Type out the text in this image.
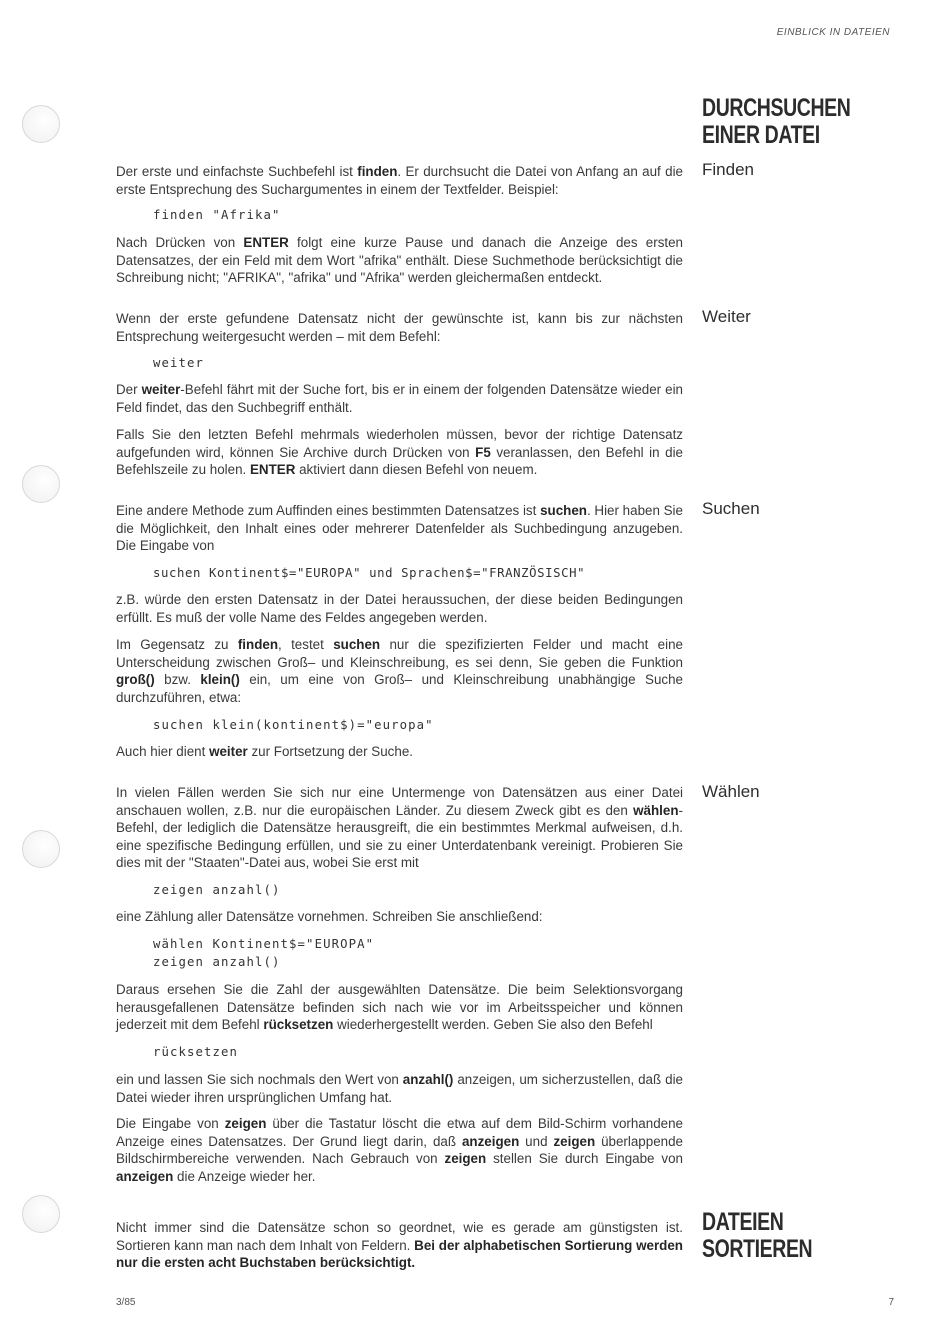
EINBLICK IN DATEIEN
DURCHSUCHEN
EINER DATEI
Finden
Weiter
Suchen
Wählen

Der erste und einfachste Suchbefehl ist finden. Er durchsucht die Datei von Anfang an auf die erste Entsprechung des Suchargumentes in einem der Textfelder. Beispiel:

finden "Afrika"

Nach Drücken von ENTER folgt eine kurze Pause und danach die Anzeige des ersten Datensatzes, der ein Feld mit dem Wort "afrika" enthält. Diese Suchmethode berücksichtigt die Schreibung nicht; "AFRIKA", "afrika" und "Afrika" werden gleichermaßen entdeckt.

Wenn der erste gefundene Datensatz nicht der gewünschte ist, kann bis zur nächsten Entsprechung weitergesucht werden – mit dem Befehl:

weiter

Der weiter-Befehl fährt mit der Suche fort, bis er in einem der folgenden Datensätze wieder ein Feld findet, das den Suchbegriff enthält.

Falls Sie den letzten Befehl mehrmals wiederholen müssen, bevor der richtige Datensatz aufgefunden wird, können Sie Archive durch Drücken von F5 veranlassen, den Befehl in die Befehlszeile zu holen. ENTER aktiviert dann diesen Befehl von neuem.

Eine andere Methode zum Auffinden eines bestimmten Datensatzes ist suchen. Hier haben Sie die Möglichkeit, den Inhalt eines oder mehrerer Datenfelder als Suchbedingung anzugeben. Die Eingabe von

suchen Kontinent$="EUROPA" und Sprachen$="FRANZÖSISCH"

z.B. würde den ersten Datensatz in der Datei heraussuchen, der diese beiden Bedingungen erfüllt. Es muß der volle Name des Feldes angegeben werden.

Im Gegensatz zu finden, testet suchen nur die spezifizierten Felder und macht eine Unterscheidung zwischen Groß– und Kleinschreibung, es sei denn, Sie geben die Funktion groß() bzw. klein() ein, um eine von Groß– und Kleinschreibung unabhängige Suche durchzuführen, etwa:

suchen klein(kontinent$)="europa"

Auch hier dient weiter zur Fortsetzung der Suche.

In vielen Fällen werden Sie sich nur eine Untermenge von Datensätzen aus einer Datei anschauen wollen, z.B. nur die europäischen Länder. Zu diesem Zweck gibt es den wählen-Befehl, der lediglich die Datensätze herausgreift, die ein bestimmtes Merkmal aufweisen, d.h. eine spezifische Bedingung erfüllen, und sie zu einer Unterdatenbank vereinigt. Probieren Sie dies mit der "Staaten"-Datei aus, wobei Sie erst mit

zeigen anzahl()

eine Zählung aller Datensätze vornehmen. Schreiben Sie anschließend:

wählen Kontinent$="EUROPA"
zeigen anzahl()

Daraus ersehen Sie die Zahl der ausgewählten Datensätze. Die beim Selektionsvorgang herausgefallenen Datensätze befinden sich nach wie vor im Arbeitsspeicher und können jederzeit mit dem Befehl rücksetzen wiederhergestellt werden. Geben Sie also den Befehl

rücksetzen

ein und lassen Sie sich nochmals den Wert von anzahl() anzeigen, um sicherzustellen, daß die Datei wieder ihren ursprünglichen Umfang hat.

Die Eingabe von zeigen über die Tastatur löscht die etwa auf dem Bild-Schirm vorhandene Anzeige eines Datensatzes. Der Grund liegt darin, daß anzeigen und zeigen überlappende Bildschirmbereiche verwenden. Nach Gebrauch von zeigen stellen Sie durch Eingabe von anzeigen die Anzeige wieder her.

DATEIEN
SORTIEREN

Nicht immer sind die Datensätze schon so geordnet, wie es gerade am günstigsten ist. Sortieren kann man nach dem Inhalt von Feldern. Bei der alphabetischen Sortierung werden nur die ersten acht Buchstaben berücksichtigt.

3/85	7
